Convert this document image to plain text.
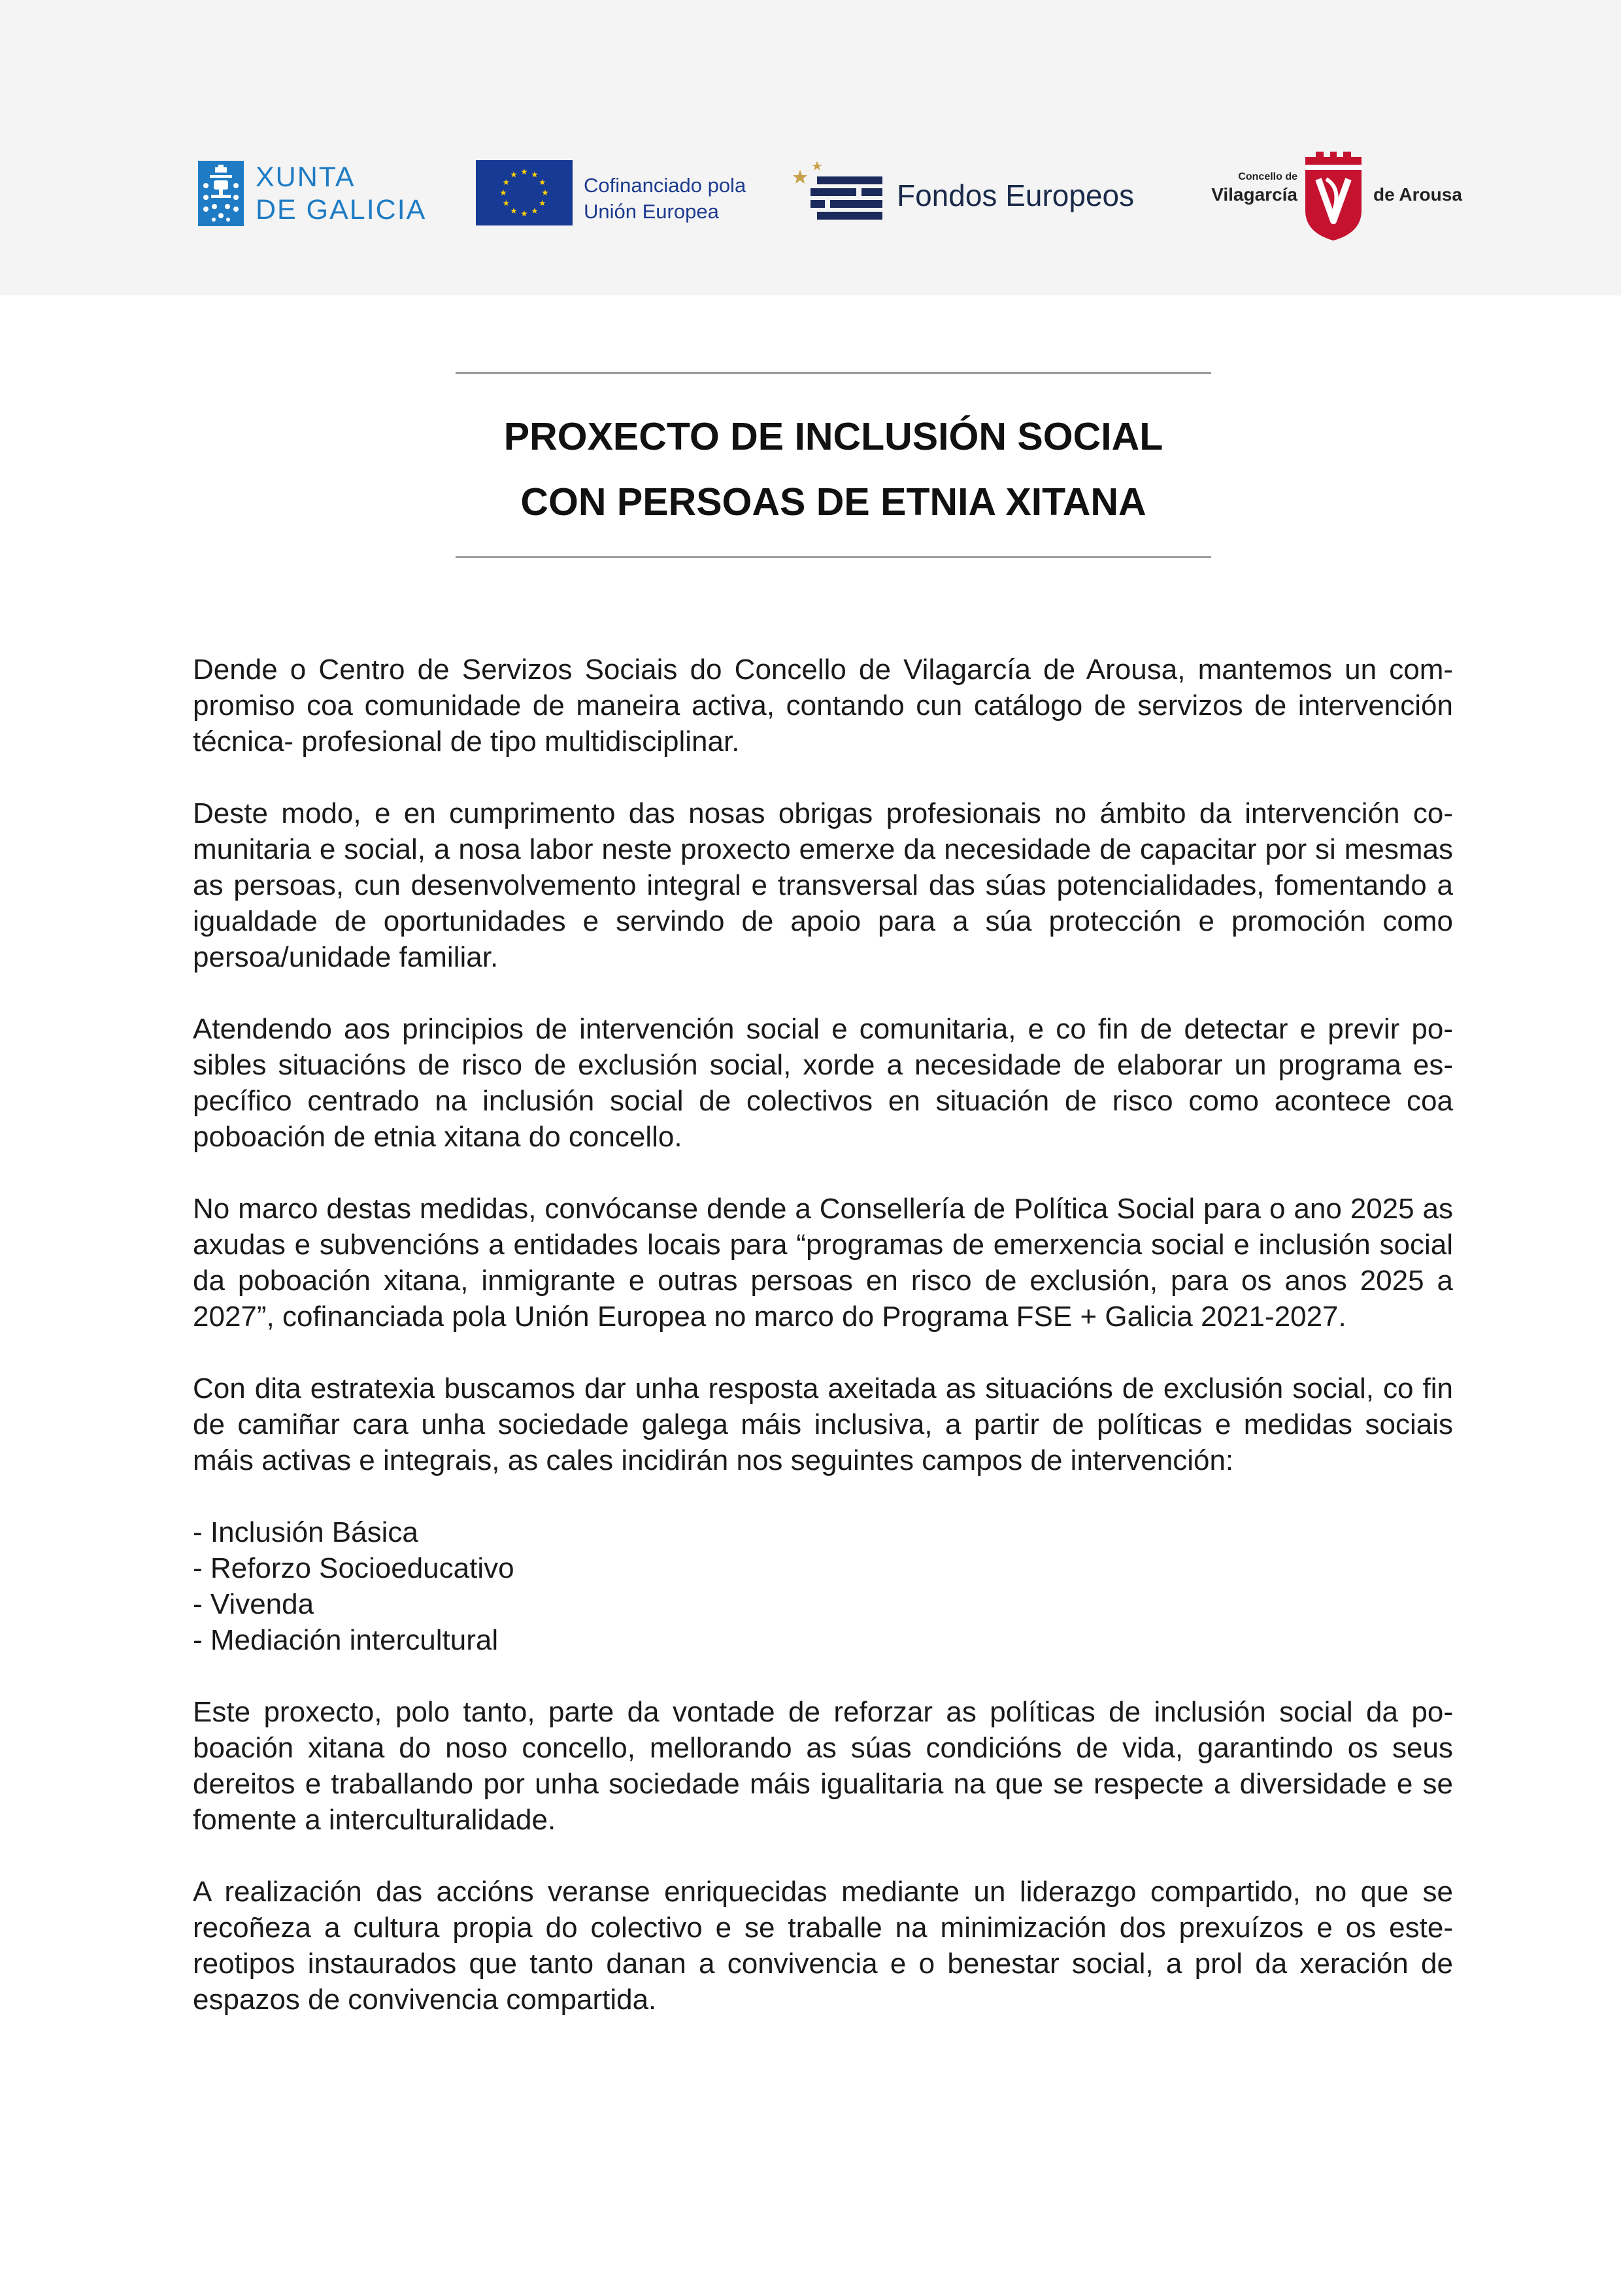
XUNTA
DE GALICIA
Cofinanciado pola
Unión Europea	Fondos Europeos
Concello de
Vilagarcía	de Arousa
PROXECTO DE INCLUSIÓN SOCIAL
CON PERSOAS DE ETNIA XITANA

Dende o Centro de Servizos Sociais do Concello de Vilagarcía de Arousa, mantemos un compromiso coa comunidade de maneira activa, contando cun catálogo de servizos de intervención técnica- profesional de tipo multidisciplinar.

Deste modo, e en cumprimento das nosas obrigas profesionais no ámbito da intervención comunitaria e social, a nosa labor neste proxecto emerxe da necesidade de capacitar por si mesmas as persoas, cun desenvolvemento integral e transversal das súas potencialidades, fomentando a igualdade de oportunidades e servindo de apoio para a súa protección e promoción como persoa/unidade familiar.

Atendendo aos principios de intervención social e comunitaria, e co fin de detectar e previr posibles situacións de risco de exclusión social, xorde a necesidade de elaborar un programa específico centrado na inclusión social de colectivos en situación de risco como acontece coa poboación de etnia xitana do concello.

No marco destas medidas, convócanse dende a Consellería de Política Social para o ano 2025 as axudas e subvencións a entidades locais para “programas de emerxencia social e inclusión social da poboación xitana, inmigrante e outras persoas en risco de exclusión, para os anos 2025 a 2027”, cofinanciada pola Unión Europea no marco do Programa FSE + Galicia 2021-2027.

Con dita estratexia buscamos dar unha resposta axeitada as situacións de exclusión social, co fin de camiñar cara unha sociedade galega máis inclusiva, a partir de políticas e medidas sociais máis activas e integrais, as cales incidirán nos seguintes campos de intervención:

- Inclusión Básica
- Reforzo Socioeducativo
- Vivenda
- Mediación intercultural

Este proxecto, polo tanto, parte da vontade de reforzar as políticas de inclusión social da poboación xitana do noso concello, mellorando as súas condicións de vida, garantindo os seus dereitos e traballando por unha sociedade máis igualitaria na que se respecte a diversidade e se fomente a interculturalidade.

A realización das accións veranse enriquecidas mediante un liderazgo compartido, no que se recoñeza a cultura propia do colectivo e se traballe na minimización dos prexuízos e os estereotipos instaurados que tanto danan a convivencia e o benestar social, a prol da xeración de espazos de convivencia compartida.
